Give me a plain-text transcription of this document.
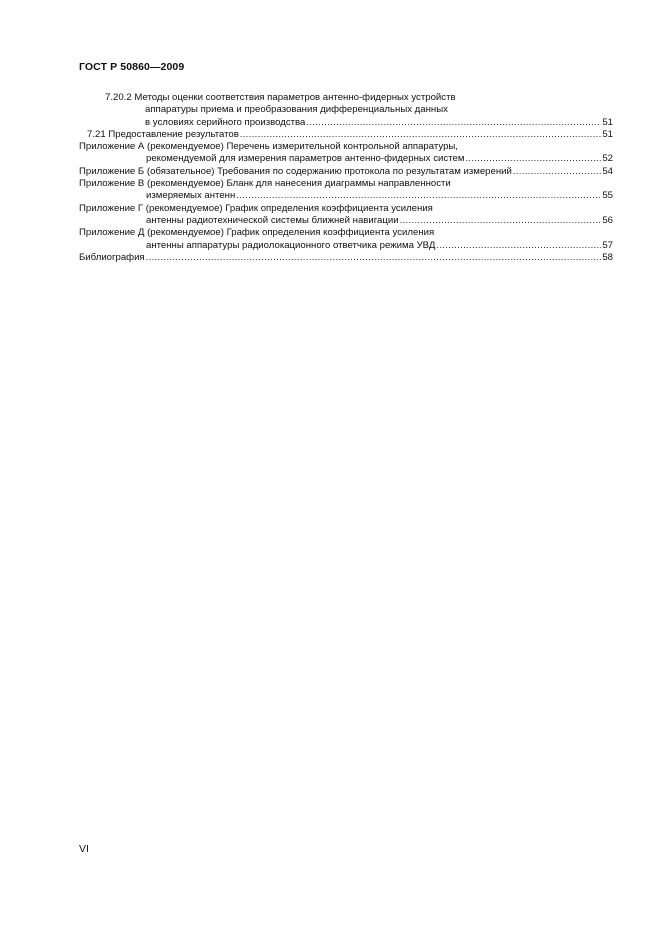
ГОСТ Р 50860—2009
7.20.2 Методы оценки соответствия параметров антенно-фидерных устройств
аппаратуры приема и преобразования дифференциальных данных
в условиях серийного производства .....	51
7.21 Предоставление результатов .....	51
Приложение А (рекомендуемое) Перечень измерительной контрольной аппаратуры,
рекомендуемой для измерения параметров антенно-фидерных систем .....	52
Приложение Б (обязательное) Требования по содержанию протокола по результатам измерений .....	54
Приложение В (рекомендуемое) Бланк для нанесения диаграммы направленности
измеряемых антенн .....	55
Приложение Г (рекомендуемое) График определения коэффициента усиления
антенны радиотехнической системы ближней навигации .....	56
Приложение Д (рекомендуемое) График определения коэффициента усиления
антенны аппаратуры радиолокационного ответчика режима УВД .....	57
Библиография .....	58
VI
